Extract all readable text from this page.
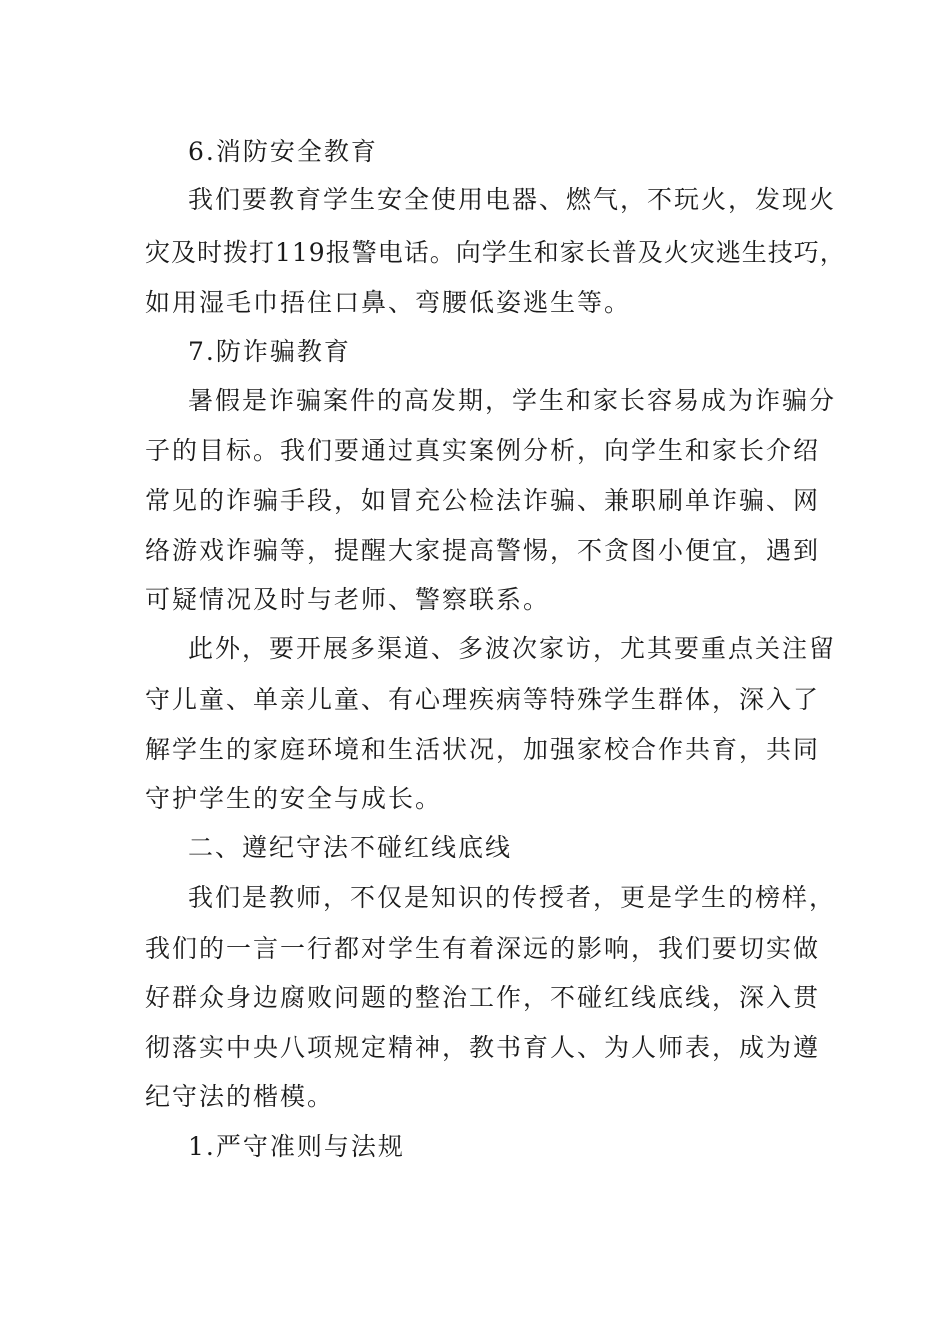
6.消防安全教育
我们要教育学生安全使用电器、燃气，不玩火，发现火
灾及时拨打119报警电话。向学生和家长普及火灾逃生技巧，
如用湿毛巾捂住口鼻、弯腰低姿逃生等。
7.防诈骗教育
暑假是诈骗案件的高发期，学生和家长容易成为诈骗分
子的目标。我们要通过真实案例分析，向学生和家长介绍
常见的诈骗手段，如冒充公检法诈骗、兼职刷单诈骗、网
络游戏诈骗等，提醒大家提高警惕，不贪图小便宜，遇到
可疑情况及时与老师、警察联系。
此外，要开展多渠道、多波次家访，尤其要重点关注留
守儿童、单亲儿童、有心理疾病等特殊学生群体，深入了
解学生的家庭环境和生活状况，加强家校合作共育，共同
守护学生的安全与成长。
二、遵纪守法不碰红线底线
我们是教师，不仅是知识的传授者，更是学生的榜样，
我们的一言一行都对学生有着深远的影响，我们要切实做
好群众身边腐败问题的整治工作，不碰红线底线，深入贯
彻落实中央八项规定精神，教书育人、为人师表，成为遵
纪守法的楷模。
1.严守准则与法规
